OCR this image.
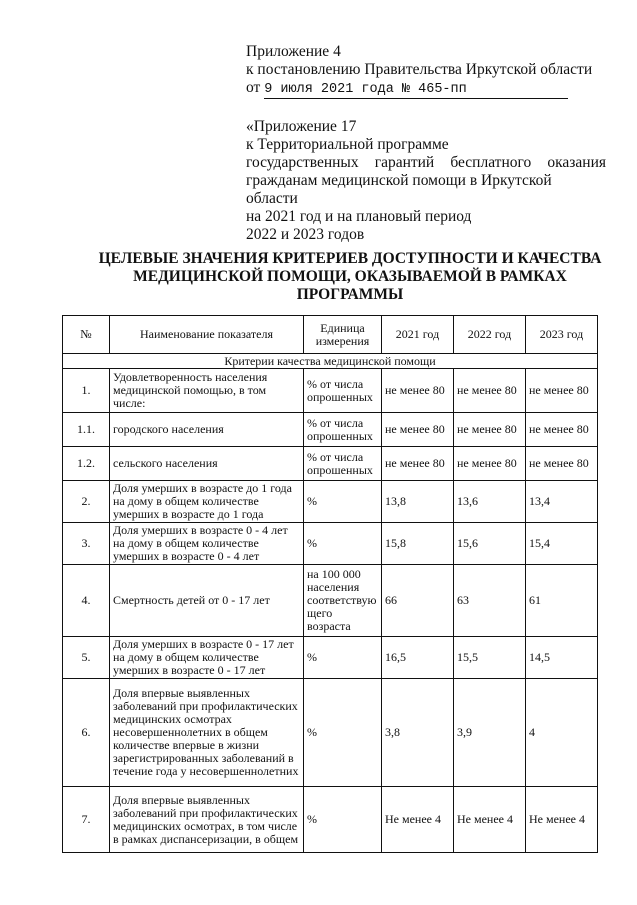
Приложение 4
к постановлению Правительства Иркутской области
от 9 июля 2021 года № 465-пп
«Приложение 17
к Территориальной программе
государственных гарантий бесплатного оказания
гражданам медицинской помощи в Иркутской области
на 2021 год и на плановый период
2022 и 2023 годов
ЦЕЛЕВЫЕ ЗНАЧЕНИЯ КРИТЕРИЕВ ДОСТУПНОСТИ И КАЧЕСТВА
МЕДИЦИНСКОЙ ПОМОЩИ, ОКАЗЫВАЕМОЙ В РАМКАХ
ПРОГРАММЫ
№	Наименование показателя	Единица измерения	2021 год	2022 год	2023 год
Критерии качества медицинской помощи					
1.	Удовлетворенность населения медицинской помощью, в том числе:	% от числа опрошенных	не менее 80	не менее 80	не менее 80
1.1.	городского населения	% от числа опрошенных	не менее 80	не менее 80	не менее 80
1.2.	сельского населения	% от числа опрошенных	не менее 80	не менее 80	не менее 80
2.	Доля умерших в возрасте до 1 года на дому в общем количестве умерших в возрасте до 1 года	%	13,8	13,6	13,4
3.	Доля умерших в возрасте 0 - 4 лет на дому в общем количестве умерших в возрасте 0 - 4 лет	%	15,8	15,6	15,4
4.	Смертность детей от 0 - 17 лет	на 100 000 населения соответствую щего возраста	66	63	61
5.	Доля умерших в возрасте 0 - 17 лет на дому в общем количестве умерших в возрасте 0 - 17 лет	%	16,5	15,5	14,5
6.	Доля впервые выявленных заболеваний при профилактических медицинских осмотрах несовершеннолетних в общем количестве впервые в жизни зарегистрированных заболеваний в течение года у несовершеннолетних	%	3,8	3,9	4
7.	Доля впервые выявленных заболеваний при профилактических медицинских осмотрах, в том числе в рамках диспансеризации, в общем	%	Не менее 4	Не менее 4	Не менее 4
